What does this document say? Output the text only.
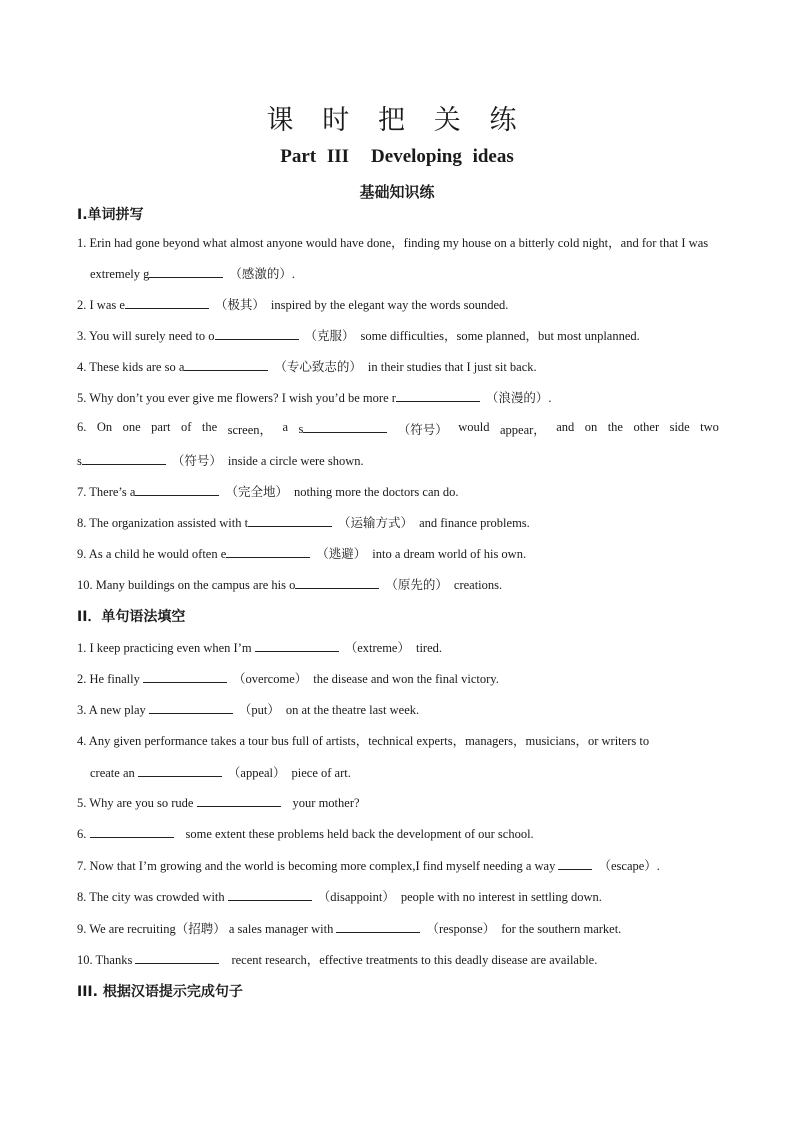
课 时 把 关 练
Part III Developing ideas
基础知识练
Ⅰ.单词拼写
1. Erin had gone beyond what almost anyone would have done，finding my house on a bitterly cold night，and for that I was
extremely g	（感激的）.
2. I was e	（极其） inspired by the elegant way the words sounded.
3. You will surely need to o	（克服） some difficulties，some planned，but most unplanned.
4. These kids are so a	（专心致志的） in their studies that I just sit back.
5. Why don’t you ever give me flowers? I wish you’d be more r	（浪漫的）.
6. On one part of the screen， a s	（符号） would appear， and on the other side two
s	（符号） inside a circle were shown.
7. There’s a	（完全地） nothing more the doctors can do.
8. The organization assisted with t	（运输方式） and finance problems.
9. As a child he would often e	（逃避） into a dream world of his own.
10. Many buildings on the campus are his o	（原先的） creations.
II．单句语法填空
1. I keep practicing even when I’m	（extreme） tired.
2. He finally	（overcome） the disease and won the final victory.
3. A new play	（put） on at the theatre last week.
4. Any given performance takes a tour bus full of artists，technical experts，managers，musicians，or writers to
create an	（appeal） piece of art.
5. Why are you so rude	your mother?
6.	some extent these problems held back the development of our school.
7. Now that I’m growing and the world is becoming more complex,I find myself needing a way	（escape）.
8. The city was crowded with	（disappoint） people with no interest in settling down.
9. We are recruiting（招聘） a sales manager with	（response） for the southern market.
10. Thanks	recent research，effective treatments to this deadly disease are available.
III. 根据汉语提示完成句子
